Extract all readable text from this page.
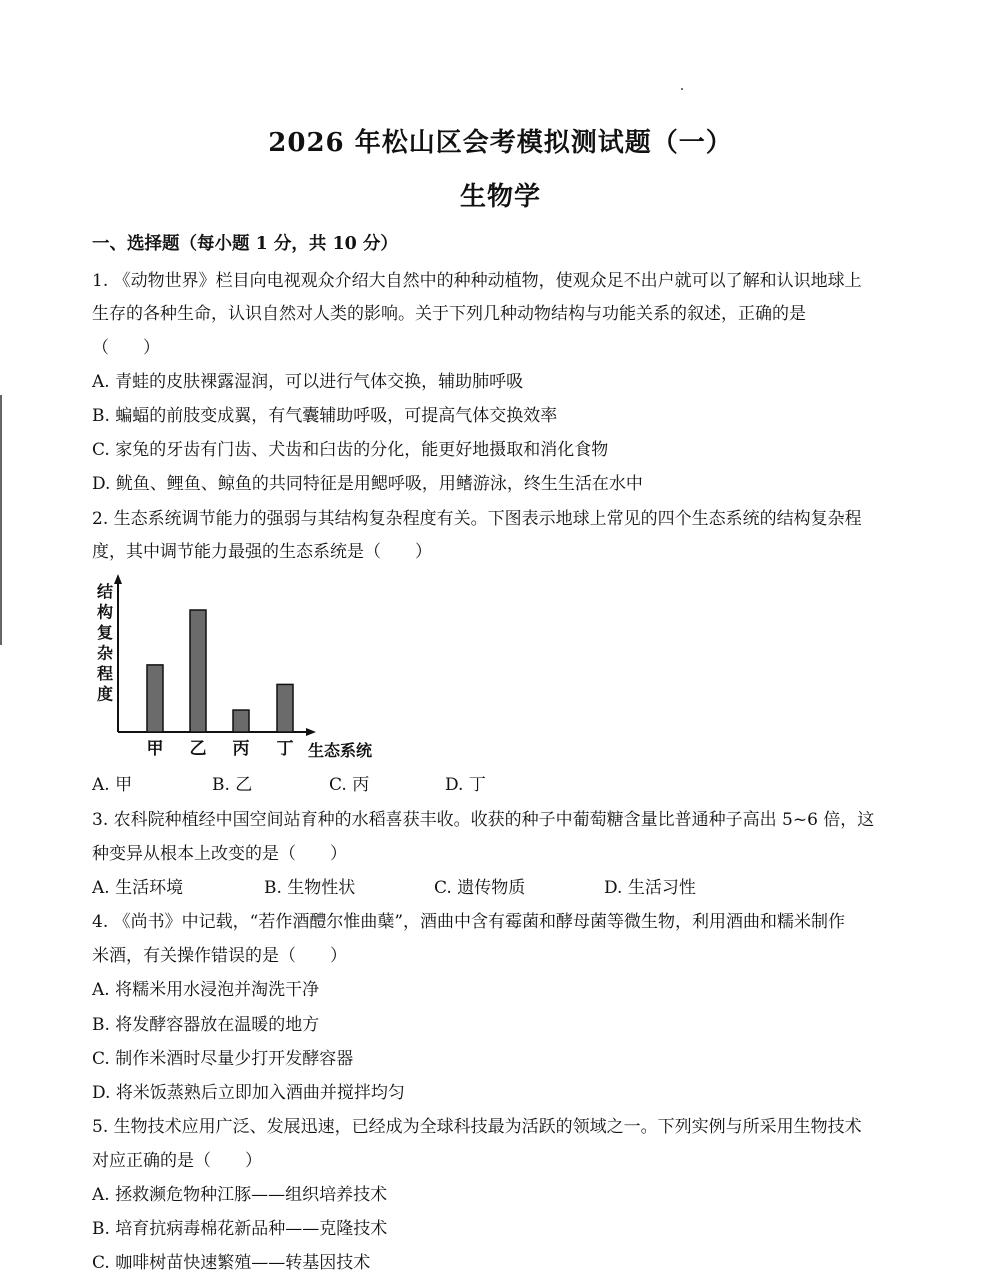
2026 年松山区会考模拟测试题（一）
生物学
一、选择题（每小题 1 分，共 10 分）
1. 《动物世界》栏目向电视观众介绍大自然中的种种动植物，使观众足不出户就可以了解和认识地球上
生存的各种生命，认识自然对人类的影响。关于下列几种动物结构与功能关系的叙述，正确的是
（　　）
A. 青蛙的皮肤裸露湿润，可以进行气体交换，辅助肺呼吸
B. 蝙蝠的前肢变成翼，有气囊辅助呼吸，可提高气体交换效率
C. 家兔的牙齿有门齿、犬齿和臼齿的分化，能更好地摄取和消化食物
D. 鱿鱼、鲤鱼、鲸鱼的共同特征是用鳃呼吸，用鳍游泳，终生生活在水中
2. 生态系统调节能力的强弱与其结构复杂程度有关。下图表示地球上常见的四个生态系统的结构复杂程
度，其中调节能力最强的生态系统是（　　）
结
构
复
杂
程
度
甲 乙 丙 丁 生态系统
A. 甲	B. 乙	C. 丙	D. 丁
3. 农科院种植经中国空间站育种的水稻喜获丰收。收获的种子中葡萄糖含量比普通种子高出 5~6 倍，这
种变异从根本上改变的是（　　）
A. 生活环境	B. 生物性状	C. 遗传物质	D. 生活习性
4. 《尚书》中记载，“若作酒醴尔惟曲蘖”，酒曲中含有霉菌和酵母菌等微生物，利用酒曲和糯米制作
米酒，有关操作错误的是（　　）
A. 将糯米用水浸泡并淘洗干净
B. 将发酵容器放在温暖的地方
C. 制作米酒时尽量少打开发酵容器
D. 将米饭蒸熟后立即加入酒曲并搅拌均匀
5. 生物技术应用广泛、发展迅速，已经成为全球科技最为活跃的领域之一。下列实例与所采用生物技术
对应正确的是（　　）
A. 拯救濒危物种江豚——组织培养技术
B. 培育抗病毒棉花新品种——克隆技术
C. 咖啡树苗快速繁殖——转基因技术
